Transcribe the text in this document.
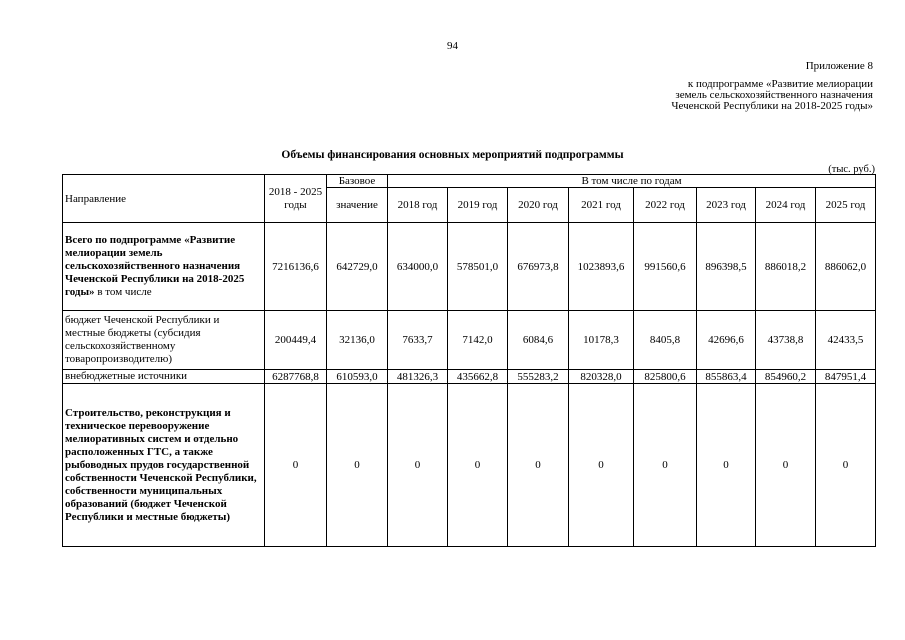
94
Приложение 8
к подпрограмме «Развитие мелиорации
земель сельскохозяйственного назначения
Чеченской Республики на 2018-2025 годы»
Объемы финансирования основных мероприятий подпрограммы
(тыс. руб.)
Направление	2018 - 2025 годы	Базовое	В том числе по годам							
		значение	2018 год	2019 год	2020 год	2021 год	2022 год	2023 год	2024 год	2025 год
Всего по подпрограмме «Развитие мелиорации земель сельскохозяйственного назначения Чеченской Республики на 2018-2025 годы» в том числе	7216136,6	642729,0	634000,0	578501,0	676973,8	1023893,6	991560,6	896398,5	886018,2	886062,0
бюджет Чеченской Республики и местные бюджеты (субсидия сельскохозяйственному товаропроизводителю)	200449,4	32136,0	7633,7	7142,0	6084,6	10178,3	8405,8	42696,6	43738,8	42433,5
внебюджетные источники	6287768,8	610593,0	481326,3	435662,8	555283,2	820328,0	825800,6	855863,4	854960,2	847951,4
Строительство, реконструкция и техническое перевооружение мелиоративных систем и отдельно расположенных ГТС, а также рыбоводных прудов государственной собственности Чеченской Республики, собственности муниципальных образований (бюджет Чеченской Республики и местные бюджеты)	0	0	0	0	0	0	0	0	0	0
